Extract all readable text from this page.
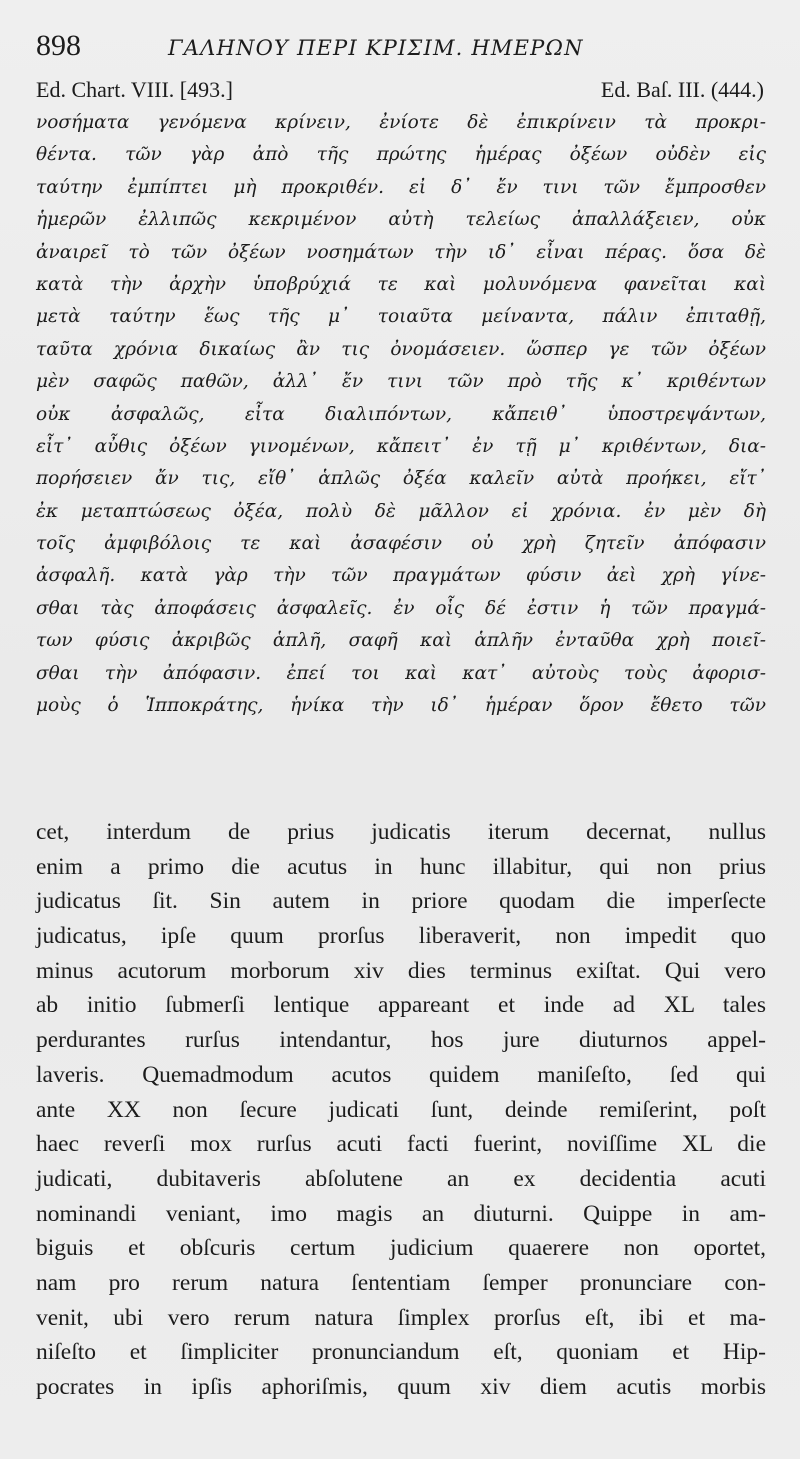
898	ΓΑΛΗΝΟΥ ΠΕΡΙ ΚΡΙΣΙΜ. ΗΜΕΡΩΝ
Ed. Chart. VIII. [493.]	Ed. Baſ. III. (444.)
νοσήματα γενόμενα κρίνειν, ἐνίοτε δὲ ἐπικρίνειν τὰ προκρι-
θέντα. τῶν γὰρ ἀπὸ τῆς πρώτης ἡμέρας ὀξέων οὐδὲν εἰς
ταύτην ἐμπίπτει μὴ προκριθέν. εἰ δ᾽ ἔν τινι τῶν ἔμπροσθεν
ἡμερῶν ἐλλιπῶς κεκριμένον αὐτὴ τελείως ἀπαλλάξειεν, οὐκ
ἀναιρεῖ τὸ τῶν ὀξέων νοσημάτων τὴν ιδ᾽ εἶναι πέρας. ὅσα δὲ
κατὰ τὴν ἀρχὴν ὑποβρύχιά τε καὶ μολυνόμενα φανεῖται καὶ
μετὰ ταύτην ἕως τῆς μ᾽ τοιαῦτα μείναντα, πάλιν ἐπιταθῇ,
ταῦτα χρόνια δικαίως ἂν τις ὀνομάσειεν. ὥσπερ γε τῶν ὀξέων
μὲν σαφῶς παθῶν, ἀλλ᾽ ἔν τινι τῶν πρὸ τῆς κ᾽ κριθέντων
οὐκ ἀσφαλῶς, εἶτα διαλιπόντων, κἄπειθ᾽ ὑποστρεψάντων,
εἶτ᾽ αὖθις ὀξέων γινομένων, κἄπειτ᾽ ἐν τῇ μ᾽ κριθέντων, δια-
πορήσειεν ἄν τις, εἴθ᾽ ἁπλῶς ὀξέα καλεῖν αὐτὰ προήκει, εἴτ᾽
ἐκ μεταπτώσεως ὀξέα, πολὺ δὲ μᾶλλον εἰ χρόνια. ἐν μὲν δὴ
τοῖς ἀμφιβόλοις τε καὶ ἀσαφέσιν οὐ χρὴ ζητεῖν ἀπόφασιν
ἀσφαλῆ. κατὰ γὰρ τὴν τῶν πραγμάτων φύσιν ἀεὶ χρὴ γίνε-
σθαι τὰς ἀποφάσεις ἀσφαλεῖς. ἐν οἷς δέ ἐστιν ἡ τῶν πραγμά-
των φύσις ἀκριβῶς ἁπλῆ, σαφῆ καὶ ἁπλῆν ἐνταῦθα χρὴ ποιεῖ-
σθαι τὴν ἀπόφασιν. ἐπεί τοι καὶ κατ᾽ αὐτοὺς τοὺς ἀφορισ-
μοὺς ὁ Ἱπποκράτης, ἡνίκα τὴν ιδ᾽ ἡμέραν ὅρον ἔθετο τῶν
cet, interdum de prius judicatis iterum decernat, nullus
enim a primo die acutus in hunc illabitur, qui non prius
judicatus ſit. Sin autem in priore quodam die imperſecte
judicatus, ipſe quum prorſus liberaverit, non impedit quo
minus acutorum morborum xiv dies terminus exiſtat. Qui vero
ab initio ſubmerſi lentique appareant et inde ad XL tales
perdurantes rurſus intendantur, hos jure diuturnos appel-
laveris. Quemadmodum acutos quidem maniſeſto, ſed qui
ante XX non ſecure judicati ſunt, deinde remiſerint, poſt
haec reverſi mox rurſus acuti facti fuerint, noviſſime XL die
judicati, dubitaveris abſolutene an ex decidentia acuti
nominandi veniant, imo magis an diuturni. Quippe in am-
biguis et obſcuris certum judicium quaerere non oportet,
nam pro rerum natura ſententiam ſemper pronunciare con-
venit, ubi vero rerum natura ſimplex prorſus eſt, ibi et ma-
niſeſto et ſimpliciter pronunciandum eſt, quoniam et Hip-
pocrates in ipſis aphoriſmis, quum xiv diem acutis morbis
